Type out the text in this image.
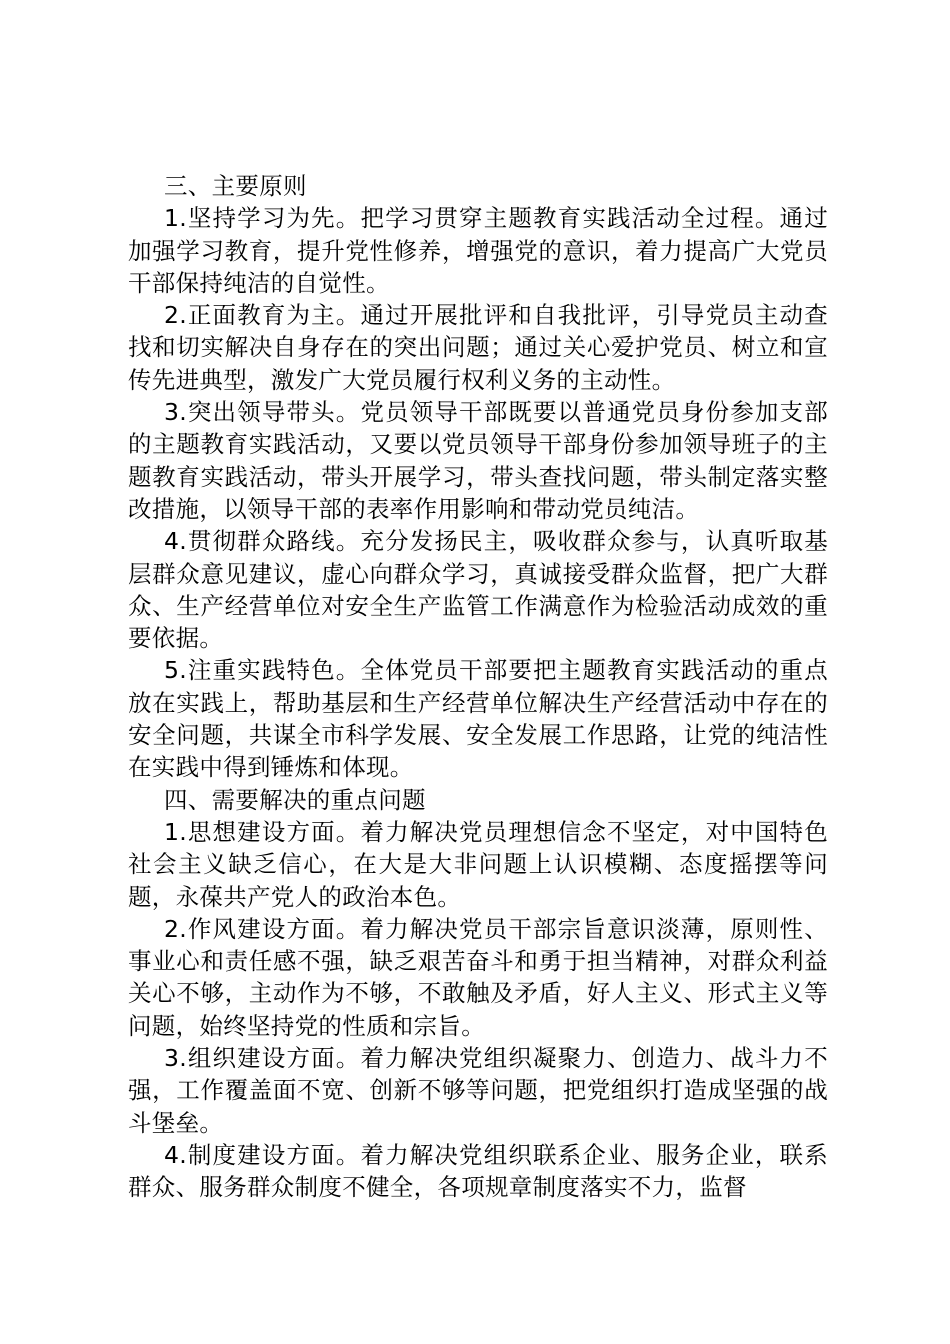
三、主要原则

1.坚持学习为先。把学习贯穿主题教育实践活动全过程。通过加强学习教育，提升党性修养，增强党的意识，着力提高广大党员干部保持纯洁的自觉性。

2.正面教育为主。通过开展批评和自我批评，引导党员主动查找和切实解决自身存在的突出问题；通过关心爱护党员、树立和宣传先进典型，激发广大党员履行权利义务的主动性。

3.突出领导带头。党员领导干部既要以普通党员身份参加支部的主题教育实践活动，又要以党员领导干部身份参加领导班子的主题教育实践活动，带头开展学习，带头查找问题，带头制定落实整改措施，以领导干部的表率作用影响和带动党员纯洁。

4.贯彻群众路线。充分发扬民主，吸收群众参与，认真听取基层群众意见建议，虚心向群众学习，真诚接受群众监督，把广大群众、生产经营单位对安全生产监管工作满意作为检验活动成效的重要依据。

5.注重实践特色。全体党员干部要把主题教育实践活动的重点放在实践上，帮助基层和生产经营单位解决生产经营活动中存在的安全问题，共谋全市科学发展、安全发展工作思路，让党的纯洁性在实践中得到锤炼和体现。

四、需要解决的重点问题

1.思想建设方面。着力解决党员理想信念不坚定，对中国特色社会主义缺乏信心，在大是大非问题上认识模糊、态度摇摆等问题，永葆共产党人的政治本色。

2.作风建设方面。着力解决党员干部宗旨意识淡薄，原则性、事业心和责任感不强，缺乏艰苦奋斗和勇于担当精神，对群众利益关心不够，主动作为不够，不敢触及矛盾，好人主义、形式主义等问题，始终坚持党的性质和宗旨。

3.组织建设方面。着力解决党组织凝聚力、创造力、战斗力不强，工作覆盖面不宽、创新不够等问题，把党组织打造成坚强的战斗堡垒。

4.制度建设方面。着力解决党组织联系企业、服务企业，联系群众、服务群众制度不健全，各项规章制度落实不力，监督
